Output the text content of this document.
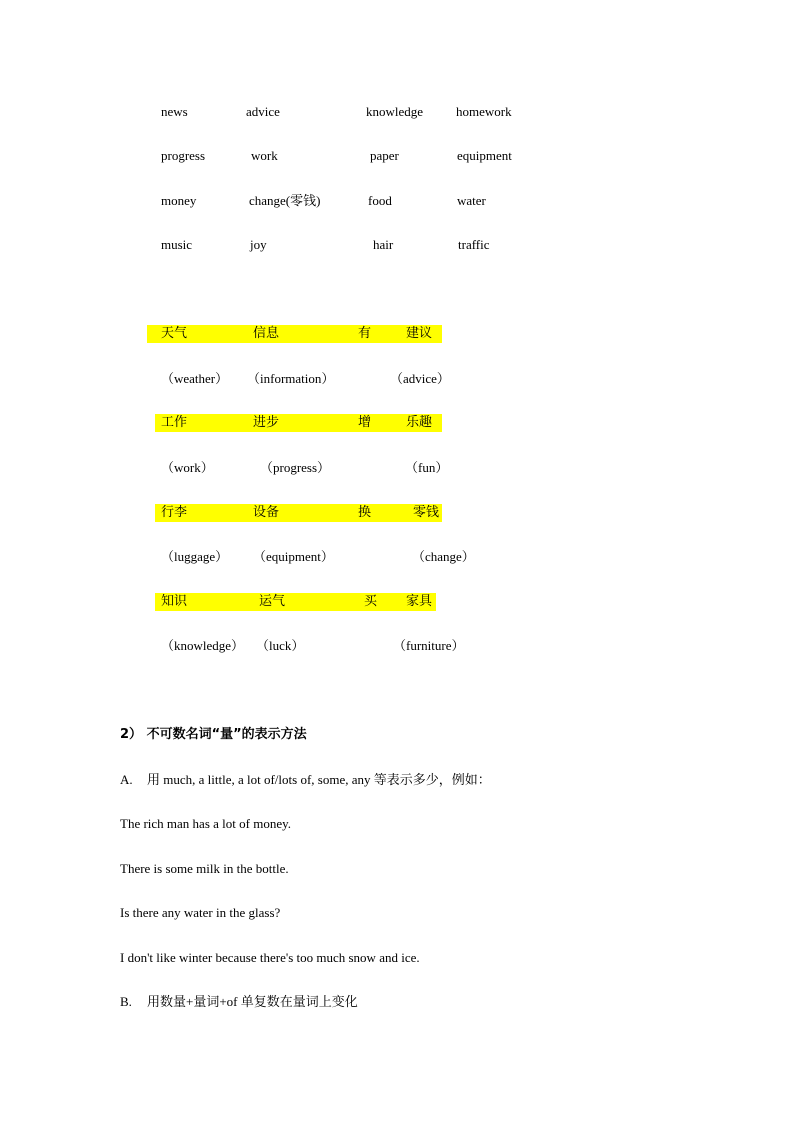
news	advice	knowledge	homework
progress	work	paper	equipment
money	change(零钱)	food	water
music	joy	hair	traffic
天气	信息	有	建议
（weather） （information）	（advice）
工作	进步	增	乐趣
（work）	（progress）	（fun）
行李	设备	换	零钱
（luggage） （equipment）	（change）
知识	运气	买 家具
（knowledge） （luck）	（furniture）
2） 不可数名词“量”的表示方法
A. 用 much, a little, a lot of/lots of, some, any 等表示多少，例如：
The rich man has a lot of money.
There is some milk in the bottle.
Is there any water in the glass?
I don't like winter because there's too much snow and ice.
B. 用数量+量词+of 单复数在量词上变化
